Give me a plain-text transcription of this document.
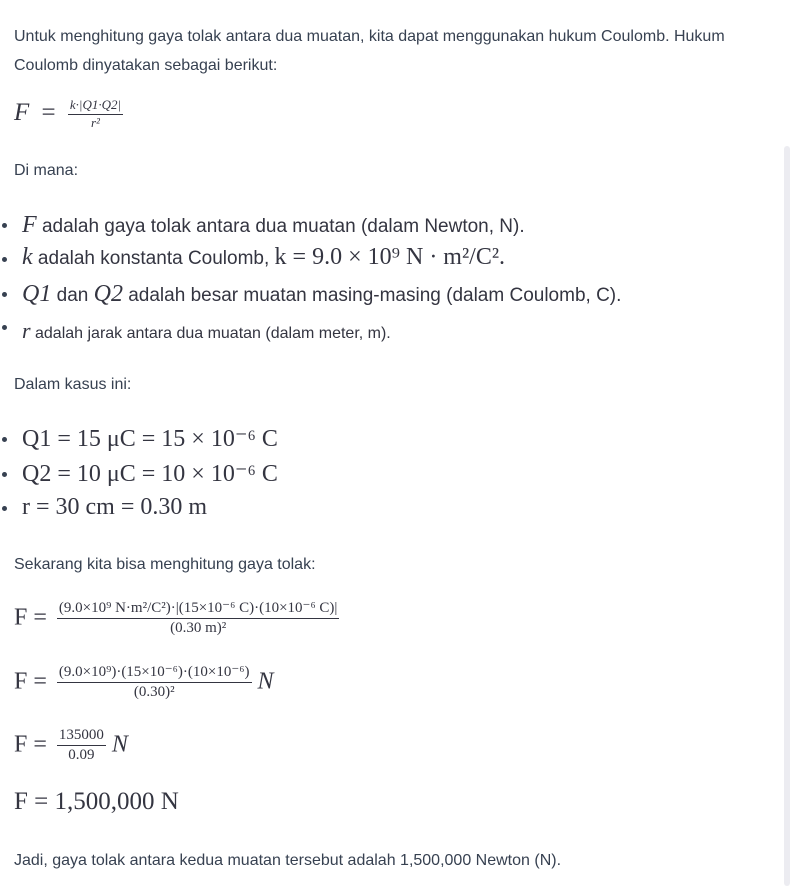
Untuk menghitung gaya tolak antara dua muatan, kita dapat menggunakan hukum Coulomb. Hukum
Coulomb dinyatakan sebagai berikut:
$F = \frac{k\cdot|Q1\cdot Q2|}{\text{r²}}$
Di mana:
F adalah gaya tolak antara dua muatan (dalam Newton, N).
k adalah konstanta Coulomb, k = 9.0 × 10⁹ N · m²/C².
Q1 dan Q2 adalah besar muatan masing-masing (dalam Coulomb, C).
r adalah jarak antara dua muatan (dalam meter, m).
Dalam kasus ini:
Q1 = 15 μC = 15 × 10⁻⁶ C
Q2 = 10 μC = 10 × 10⁻⁶ C
r = 30 cm = 0.30 m
Sekarang kita bisa menghitung gaya tolak:
$F = \frac{\text{(9.0×10⁹ N·m²/C²)·|(15×10⁻⁶ C)·(10×10⁻⁶ C)|}}{\text{(0.30 m)²}}$
$F = \frac{\text{(9.0×10⁹)·(15×10⁻⁶)·(10×10⁻⁶)}}{\text{(0.30)²}}$ N
$F = \frac{135000}{0.09}$ N
F = 1,500,000 N
Jadi, gaya tolak antara kedua muatan tersebut adalah 1,500,000 Newton (N).
